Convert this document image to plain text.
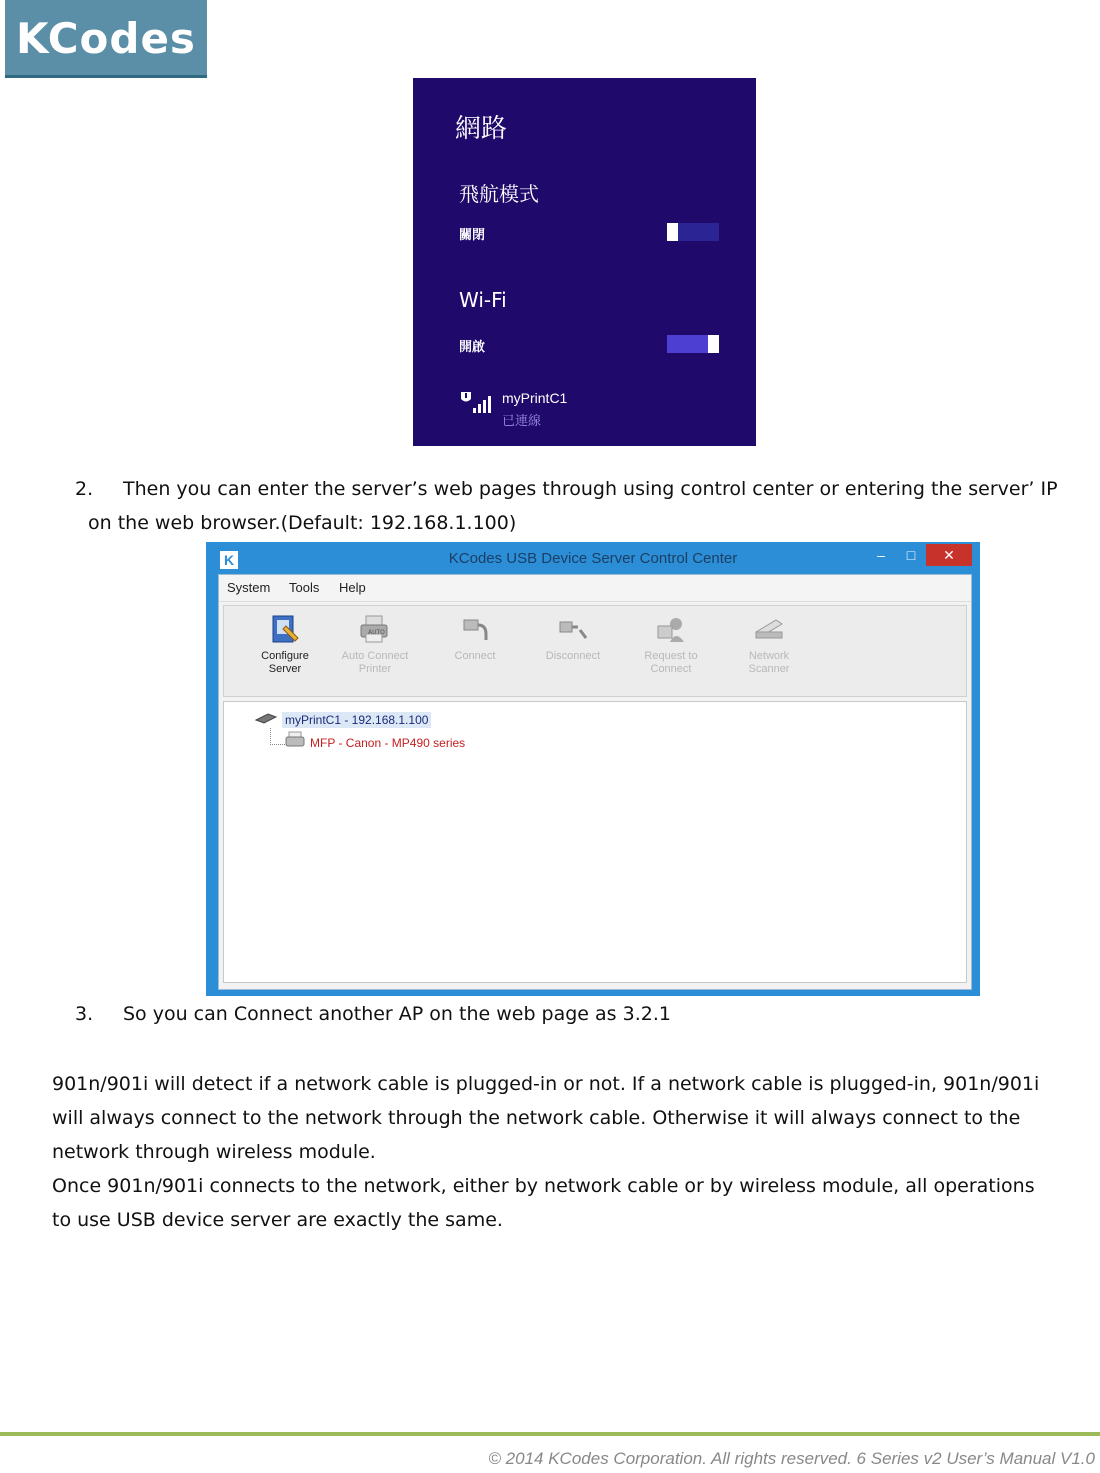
KCodes
網路
飛航模式
關閉
Wi-Fi
開啟
myPrintC1
已連線
2. Then you can enter the server’s web pages through using control center or entering the server’ IP
on the web browser.(Default: 192.168.1.100)
K	KCodes USB Device Server Control Center	–	□	✕
System Tools Help
Configure
Server
AUTO
Auto Connect
Printer
Connect	Disconnect	Request to
Connect
Network
Scanner
myPrintC1 - 192.168.1.100
MFP - Canon - MP490 series
3. So you can Connect another AP on the web page as 3.2.1
901n/901i will detect if a network cable is plugged-in or not. If a network cable is plugged-in, 901n/901i
will always connect to the network through the network cable. Otherwise it will always connect to the
network through wireless module.
Once 901n/901i connects to the network, either by network cable or by wireless module, all operations
to use USB device server are exactly the same.
© 2014 KCodes Corporation. All rights reserved. 6 Series v2 User’s Manual V1.0
